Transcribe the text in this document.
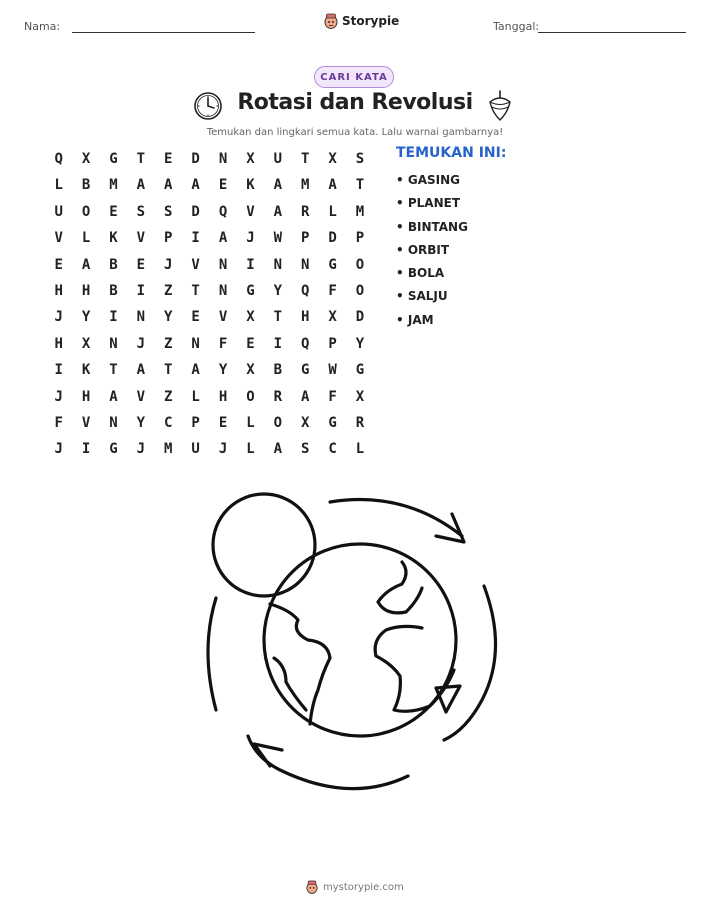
Nama:	Storypie	Tanggal:
CARI KATA
Rotasi dan Revolusi
Temukan dan lingkari semua kata. Lalu warnai gambarnya!
Q	X	G	T	E	D	N	X	U	T	X	S
L	B	M	A	A	A	E	K	A	M	A	T
U	O	E	S	S	D	Q	V	A	R	L	M
V	L	K	V	P	I	A	J	W	P	D	P
E	A	B	E	J	V	N	I	N	N	G	O
H	H	B	I	Z	T	N	G	Y	Q	F	O
J	Y	I	N	Y	E	V	X	T	H	X	D
H	X	N	J	Z	N	F	E	I	Q	P	Y
I	K	T	A	T	A	Y	X	B	G	W	G
J	H	A	V	Z	L	H	O	R	A	F	X
F	V	N	Y	C	P	E	L	O	X	G	R
J	I	G	J	M	U	J	L	A	S	C	L
TEMUKAN INI:
• GASING
• PLANET
• BINTANG
• ORBIT
• BOLA
• SALJU
• JAM
mystorypie.com
